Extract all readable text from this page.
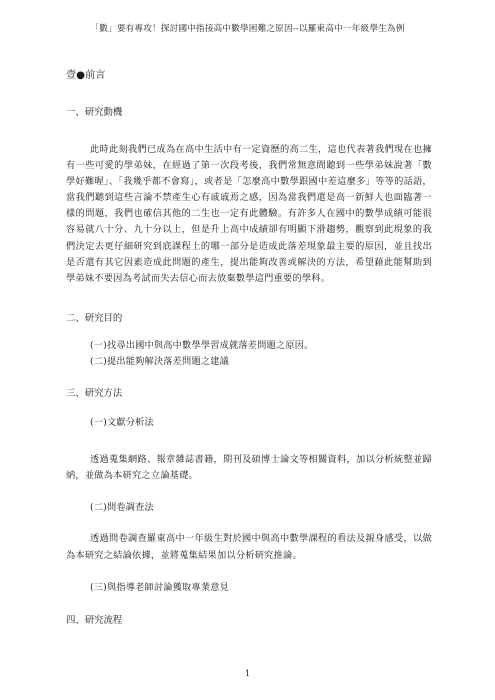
「數」要有專攻！探討國中指接高中數學困難之原因--以羅東高中一年級學生為例
壹●前言
一、研究動機

此時此刻我們已成為在高中生活中有一定資歷的高二生，這也代表著我們現在也擁有一些可愛的學弟妹，在經過了第一次段考後，我們常無意間聽到一些學弟妹說著「數學好難喔」、「我幾乎都不會寫」，或者是「怎麼高中數學跟國中差這麼多」等等的話語，當我們聽到這些言論不禁產生心有戚戚焉之感，因為當我們還是高一新鮮人也面臨著一樣的問題，我們也確信其他的二生也一定有此體驗。有許多人在國中的數學成績可能很容易就八十分、九十分以上，但是升上高中成績卻有明顯下滑趨勢，觀察到此現象的我們決定去更仔細研究到底課程上的哪一部分是造成此落差現象最主要的原因，並且找出是否還有其它因素造成此問題的產生，提出能夠改善或解決的方法，希望藉此能幫助到學弟妹不要因為考試而失去信心而去放棄數學這門重要的學科。

二、研究目的

(一)找尋出國中與高中數學學習成就落差問題之原因。

(二)提出能夠解決落差問題之建議

三、研究方法

(一)文獻分析法

透過蒐集網路、報章雜誌書籍，期刊及碩博士論文等相關資料，加以分析統整並歸納，並做為本研究之立論基礎。

(二)問卷調查法

透過問卷調查羅東高中一年級生對於國中與高中數學課程的看法及親身感受，以做為本研究之結論依據，並將蒐集結果加以分析研究推論。

(三)與指導老師討論獲取專業意見

四、研究流程
1
